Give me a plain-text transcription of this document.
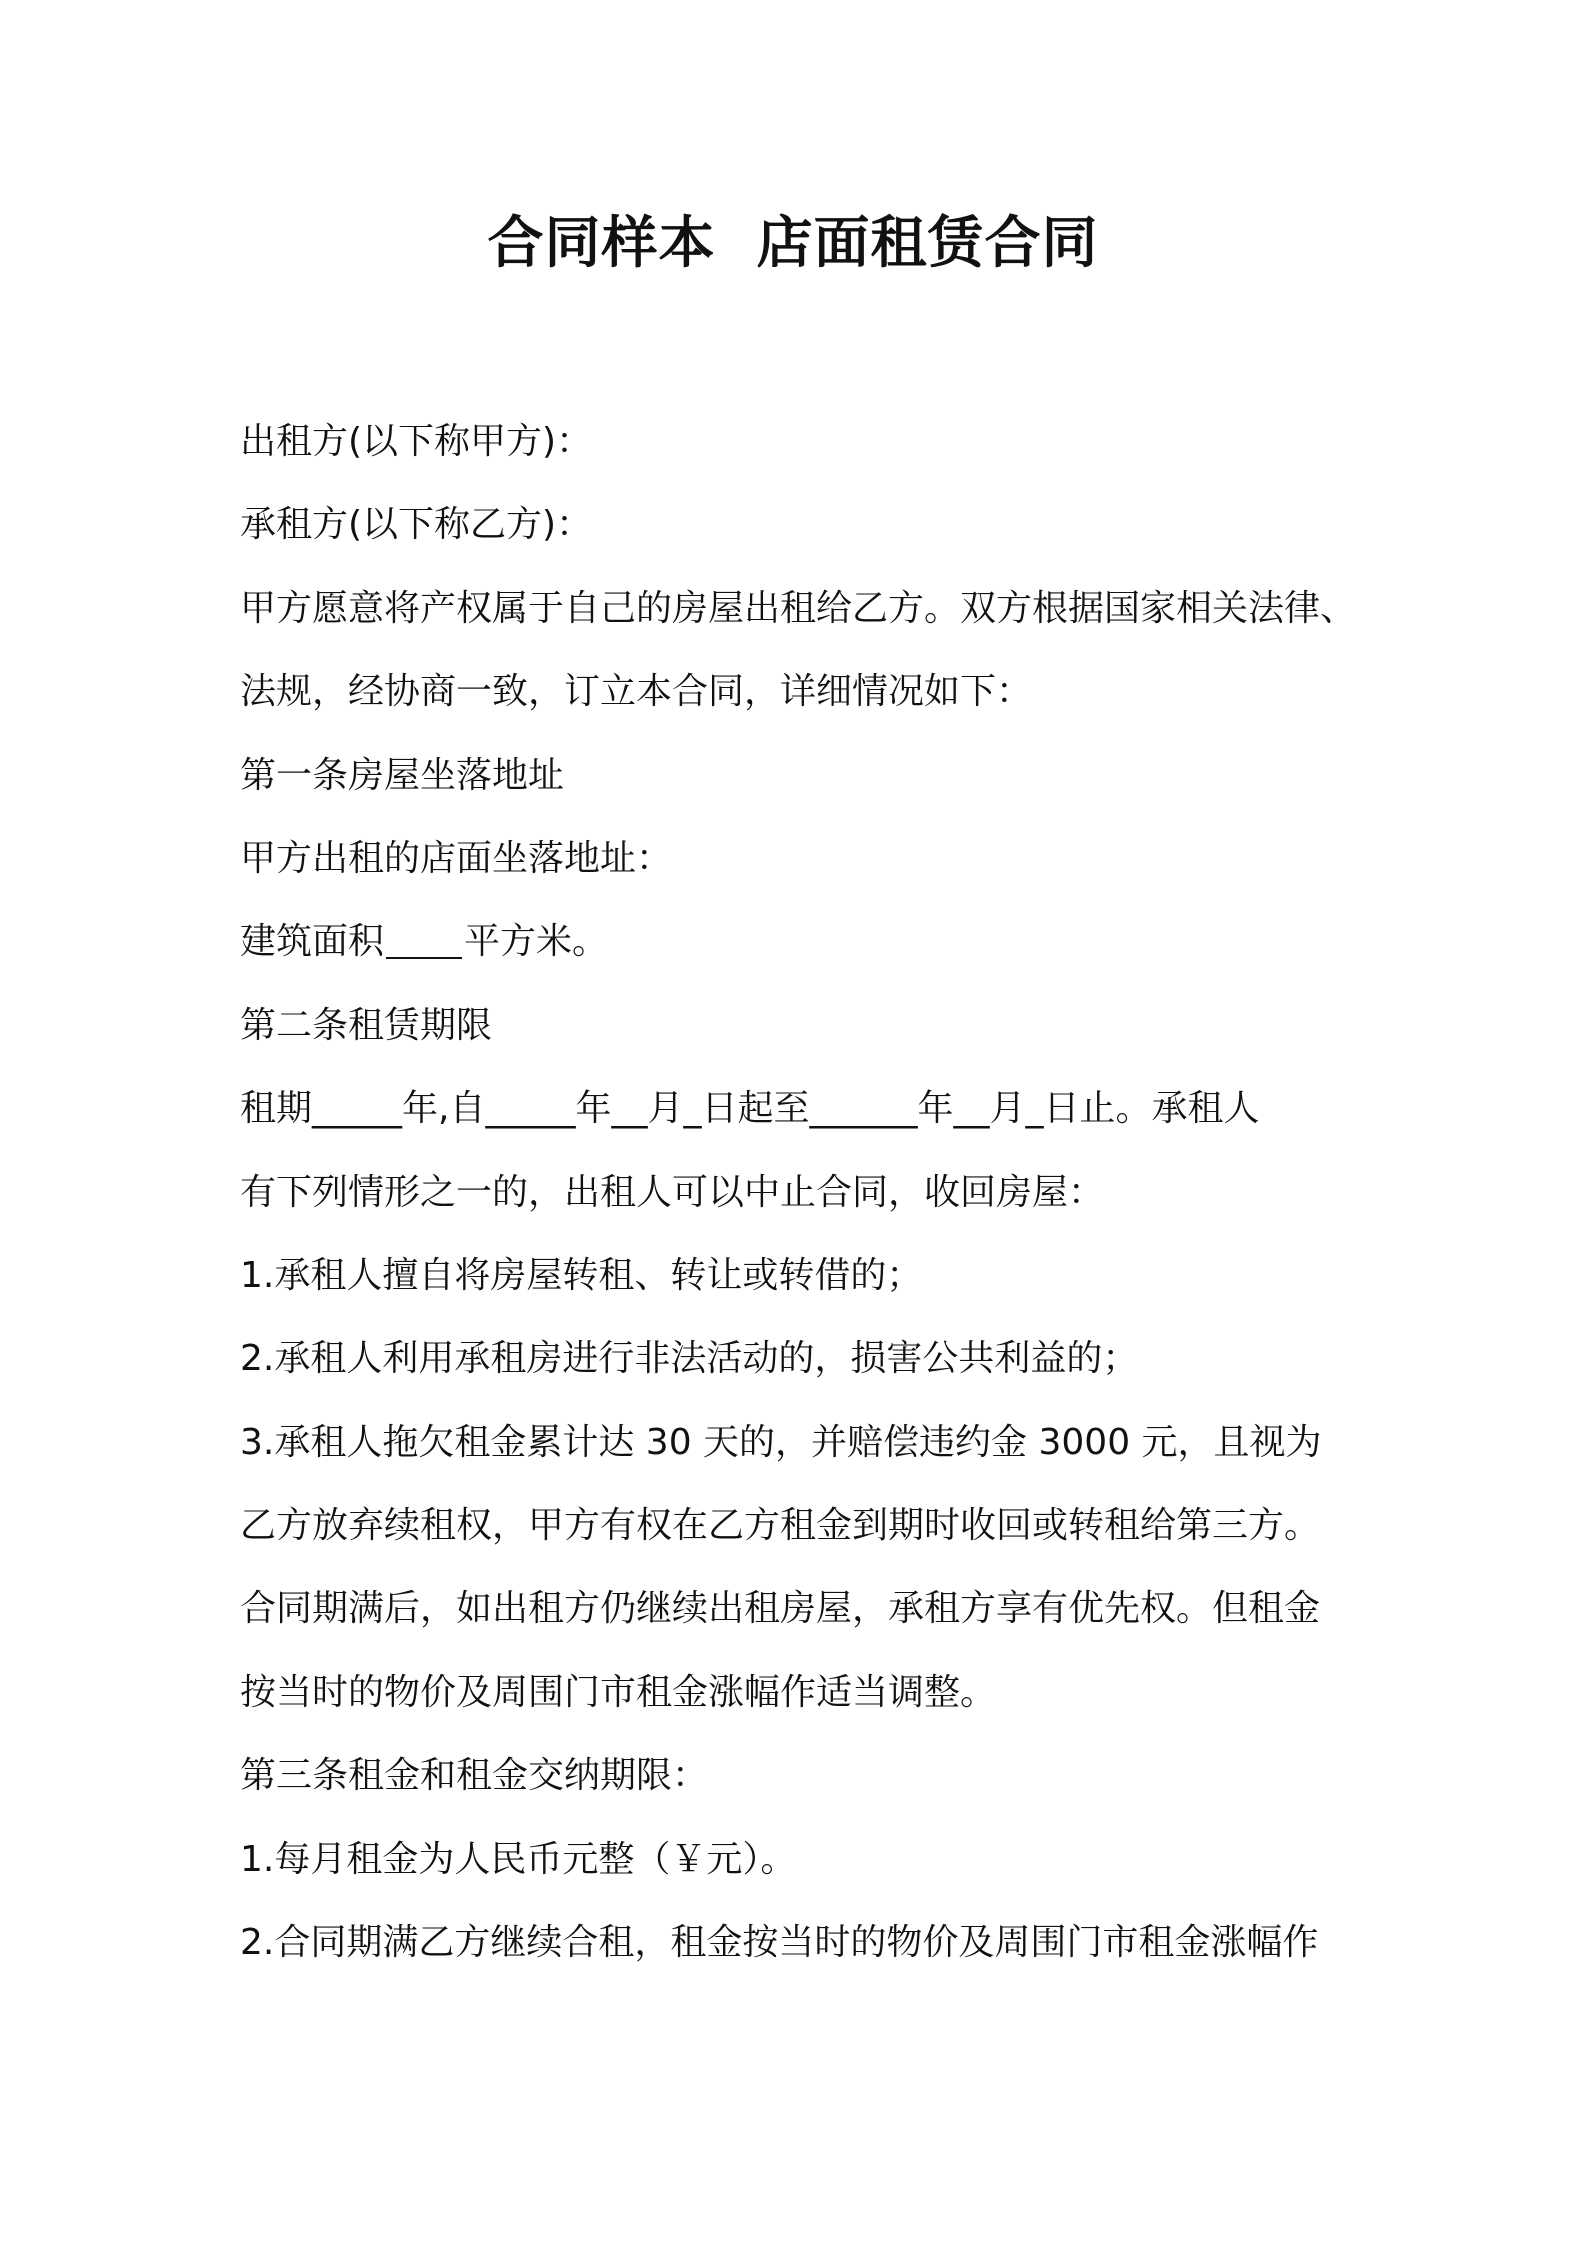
合同样本  店面租赁合同

出租方(以下称甲方)：

承租方(以下称乙方)：

甲方愿意将产权属于自己的房屋出租给乙方。双方根据国家相关法律、

法规，经协商一致，订立本合同，详细情况如下：

第一条房屋坐落地址

甲方出租的店面坐落地址：

建筑面积 平方米。

第二条租赁期限

租期_____年,自_____年__月_日起至______年__月_日止。承租人

有下列情形之一的，出租人可以中止合同，收回房屋：

1.承租人擅自将房屋转租、转让或转借的；

2.承租人利用承租房进行非法活动的，损害公共利益的；

3.承租人拖欠租金累计达 30 天的，并赔偿违约金 3000 元，且视为

乙方放弃续租权，甲方有权在乙方租金到期时收回或转租给第三方。

合同期满后，如出租方仍继续出租房屋，承租方享有优先权。但租金

按当时的物价及周围门市租金涨幅作适当调整。

第三条租金和租金交纳期限：

1.每月租金为人民币元整（￥元）。

2.合同期满乙方继续合租，租金按当时的物价及周围门市租金涨幅作
